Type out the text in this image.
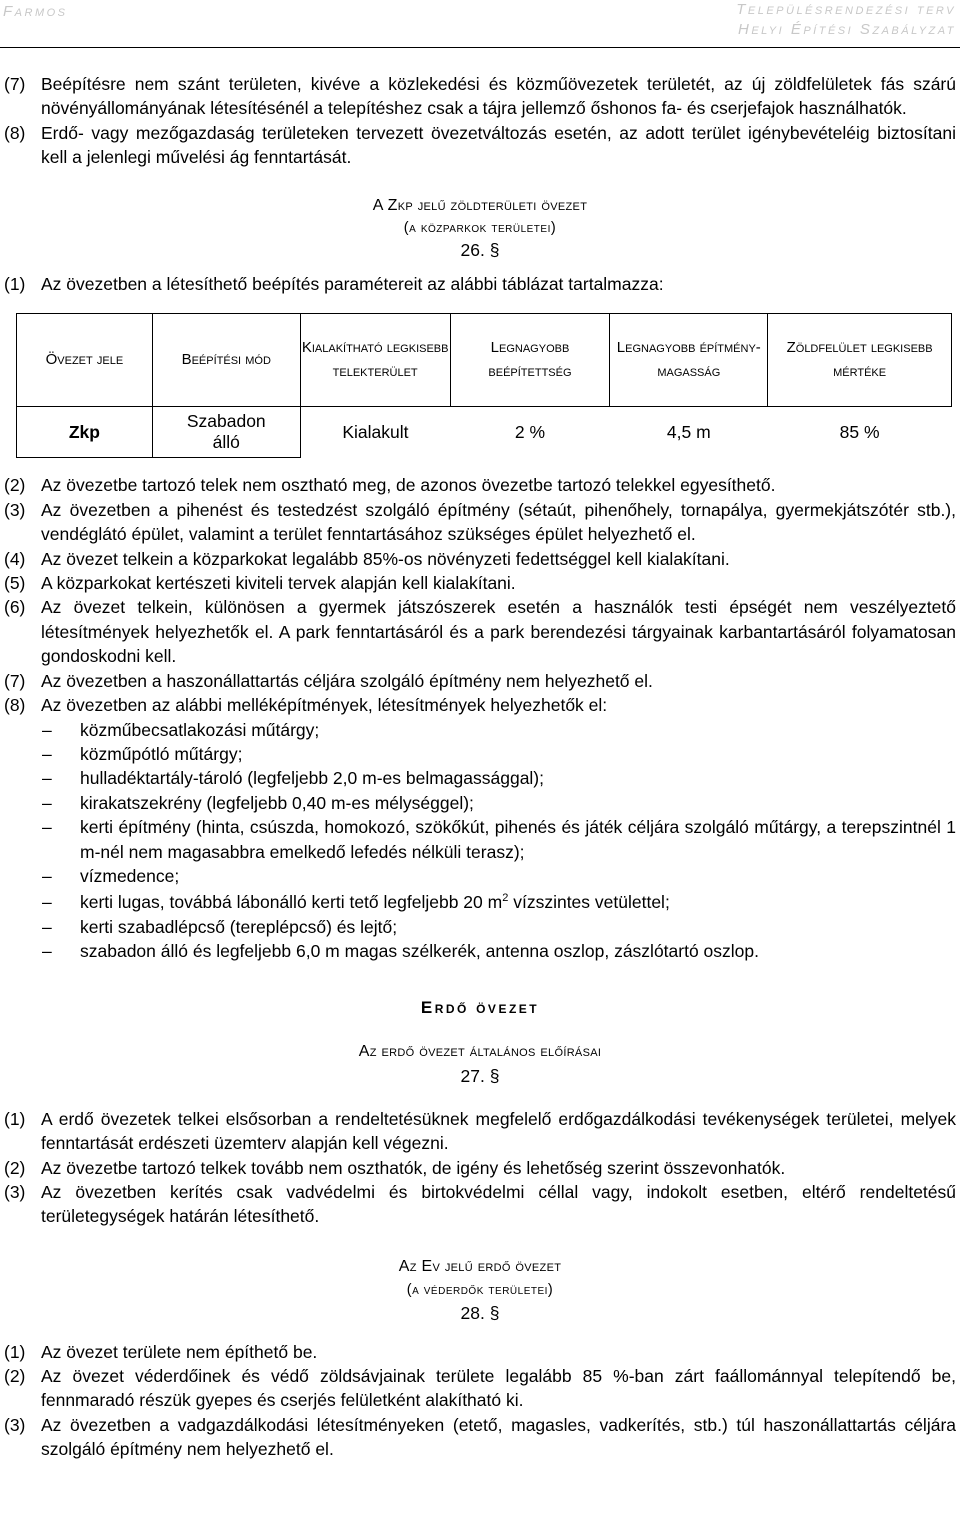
Farmos	Településrendezési terv
Helyi Építési Szabályzat
(7) Beépítésre nem szánt területen, kivéve a közlekedési és közműövezetek területét, az új zöldfelületek fás szárú növényállományának létesítésénél a telepítéshez csak a tájra jellemző őshonos fa- és cserjefajok használhatók.
(8) Erdő- vagy mezőgazdaság területeken tervezett övezetváltozás esetén, az adott terület igénybevételéig biztosítani kell a jelenlegi művelési ág fenntartását.
A Zkp jelű zöldterületi övezet
(a közparkok területei)
26. §
(1) Az övezetben a létesíthető beépítés paramétereit az alábbi táblázat tartalmazza:
Övezet jele	Beépítési mód	Kialakítható legkisebb telekterület	Legnagyobb beépítettség	Legnagyobb építmény-magasság	Zöldfelület legkisebb mértéke
Zkp	Szabadon álló	Kialakult	2 %	4,5 m	85 %
(2) Az övezetbe tartozó telek nem osztható meg, de azonos övezetbe tartozó telekkel egyesíthető.
(3) Az övezetben a pihenést és testedzést szolgáló építmény (sétaút, pihenőhely, tornapálya, gyermekjátszótér stb.), vendéglátó épület, valamint a terület fenntartásához szükséges épület helyezhető el.
(4) Az övezet telkein a közparkokat legalább 85%-os növényzeti fedettséggel kell kialakítani.
(5) A közparkokat kertészeti kiviteli tervek alapján kell kialakítani.
(6) Az övezet telkein, különösen a gyermek játszószerek esetén a használók testi épségét nem veszélyeztető létesítmények helyezhetők el. A park fenntartásáról és a park berendezési tárgyainak karbantartásáról folyamatosan gondoskodni kell.
(7) Az övezetben a haszonállattartás céljára szolgáló építmény nem helyezhető el.
(8) Az övezetben az alábbi melléképítmények, létesítmények helyezhetők el:
–	közműbecsatlakozási műtárgy;
–	közműpótló műtárgy;
–	hulladéktartály-tároló (legfeljebb 2,0 m-es belmagassággal);
–	kirakatszekrény (legfeljebb 0,40 m-es mélységgel);
–	kerti építmény (hinta, csúszda, homokozó, szökőkút, pihenés és játék céljára szolgáló műtárgy, a terepszintnél 1 m-nél nem magasabbra emelkedő lefedés nélküli terasz);
–	vízmedence;
–	kerti lugas, továbbá lábonálló kerti tető legfeljebb 20 $m^2$ vízszintes vetülettel;
–	kerti szabadlépcső (tereplépcső) és lejtő;
–	szabadon álló és legfeljebb 6,0 m magas szélkerék, antenna oszlop, zászlótartó oszlop.
Erdő övezet
Az erdő övezet általános előírásai
27. §
(1) A erdő övezetek telkei elsősorban a rendeltetésüknek megfelelő erdőgazdálkodási tevékenységek területei, melyek fenntartását erdészeti üzemterv alapján kell végezni.
(2) Az övezetbe tartozó telkek tovább nem oszthatók, de igény és lehetőség szerint összevonhatók.
(3) Az övezetben kerítés csak vadvédelmi és birtokvédelmi céllal vagy, indokolt esetben, eltérő rendeltetésű területegységek határán létesíthető.
Az Ev jelű erdő övezet
(a véderdők területei)
28. §
(1) Az övezet területe nem építhető be.
(2) Az övezet véderdőinek és védő zöldsávjainak területe legalább 85 %-ban zárt faállománnyal telepítendő be, fennmaradó részük gyepes és cserjés felületként alakítható ki.
(3) Az övezetben a vadgazdálkodási létesítményeken (etető, magasles, vadkerítés, stb.) túl haszonállattartás céljára szolgáló építmény nem helyezhető el.
